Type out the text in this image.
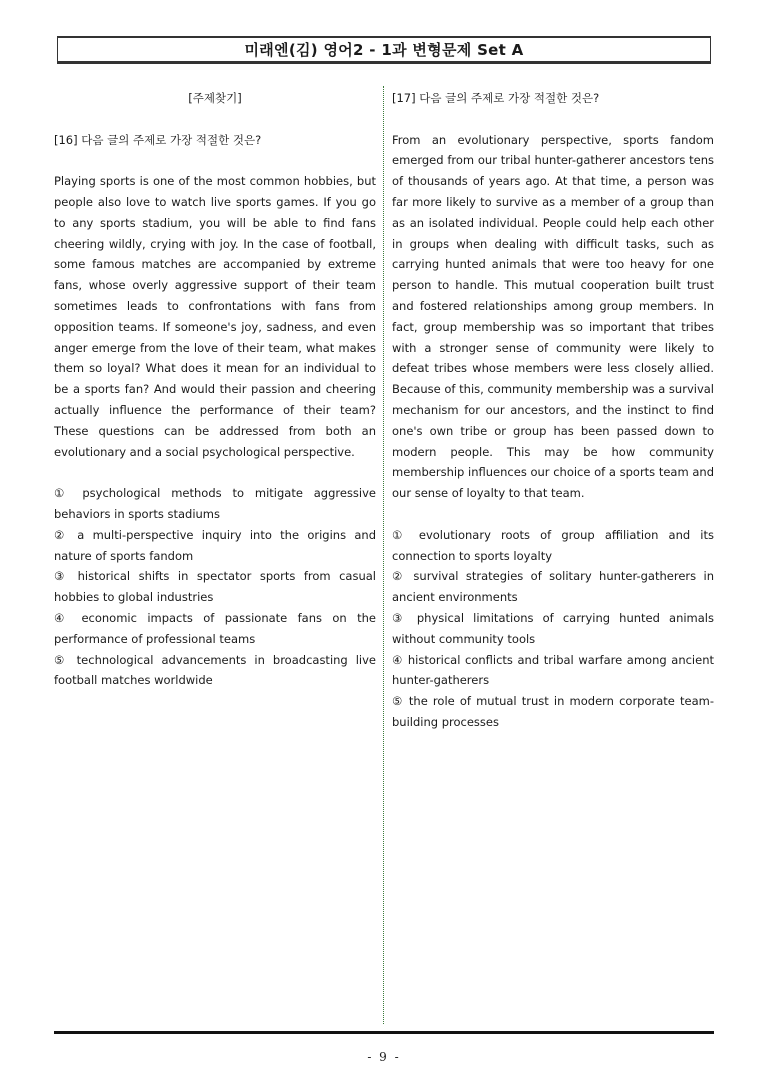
미래엔(김) 영어2 - 1과 변형문제 Set A

[주제찾기]

[16] 다음 글의 주제로 가장 적절한 것은?

Playing sports is one of the most common hobbies, but people also love to watch live sports games. If you go to any sports stadium, you will be able to find fans cheering wildly, crying with joy. In the case of football, some famous matches are accompanied by extreme fans, whose overly aggressive support of their team sometimes leads to confrontations with fans from opposition teams. If someone's joy, sadness, and even anger emerge from the love of their team, what makes them so loyal? What does it mean for an individual to be a sports fan? And would their passion and cheering actually influence the performance of their team? These questions can be addressed from both an evolutionary and a social psychological perspective.

① psychological methods to mitigate aggressive behaviors in sports stadiums

② a multi-perspective inquiry into the origins and nature of sports fandom

③ historical shifts in spectator sports from casual hobbies to global industries

④ economic impacts of passionate fans on the performance of professional teams

⑤ technological advancements in broadcasting live football matches worldwide

[17] 다음 글의 주제로 가장 적절한 것은?

From an evolutionary perspective, sports fandom emerged from our tribal hunter-gatherer ancestors tens of thousands of years ago. At that time, a person was far more likely to survive as a member of a group than as an isolated individual. People could help each other in groups when dealing with difficult tasks, such as carrying hunted animals that were too heavy for one person to handle. This mutual cooperation built trust and fostered relationships among group members. In fact, group membership was so important that tribes with a stronger sense of community were likely to defeat tribes whose members were less closely allied. Because of this, community membership was a survival mechanism for our ancestors, and the instinct to find one's own tribe or group has been passed down to modern people. This may be how community membership influences our choice of a sports team and our sense of loyalty to that team.

① evolutionary roots of group affiliation and its connection to sports loyalty

② survival strategies of solitary hunter-gatherers in ancient environments

③ physical limitations of carrying hunted animals without community tools

④ historical conflicts and tribal warfare among ancient hunter-gatherers

⑤ the role of mutual trust in modern corporate team-building processes

- 9 -
